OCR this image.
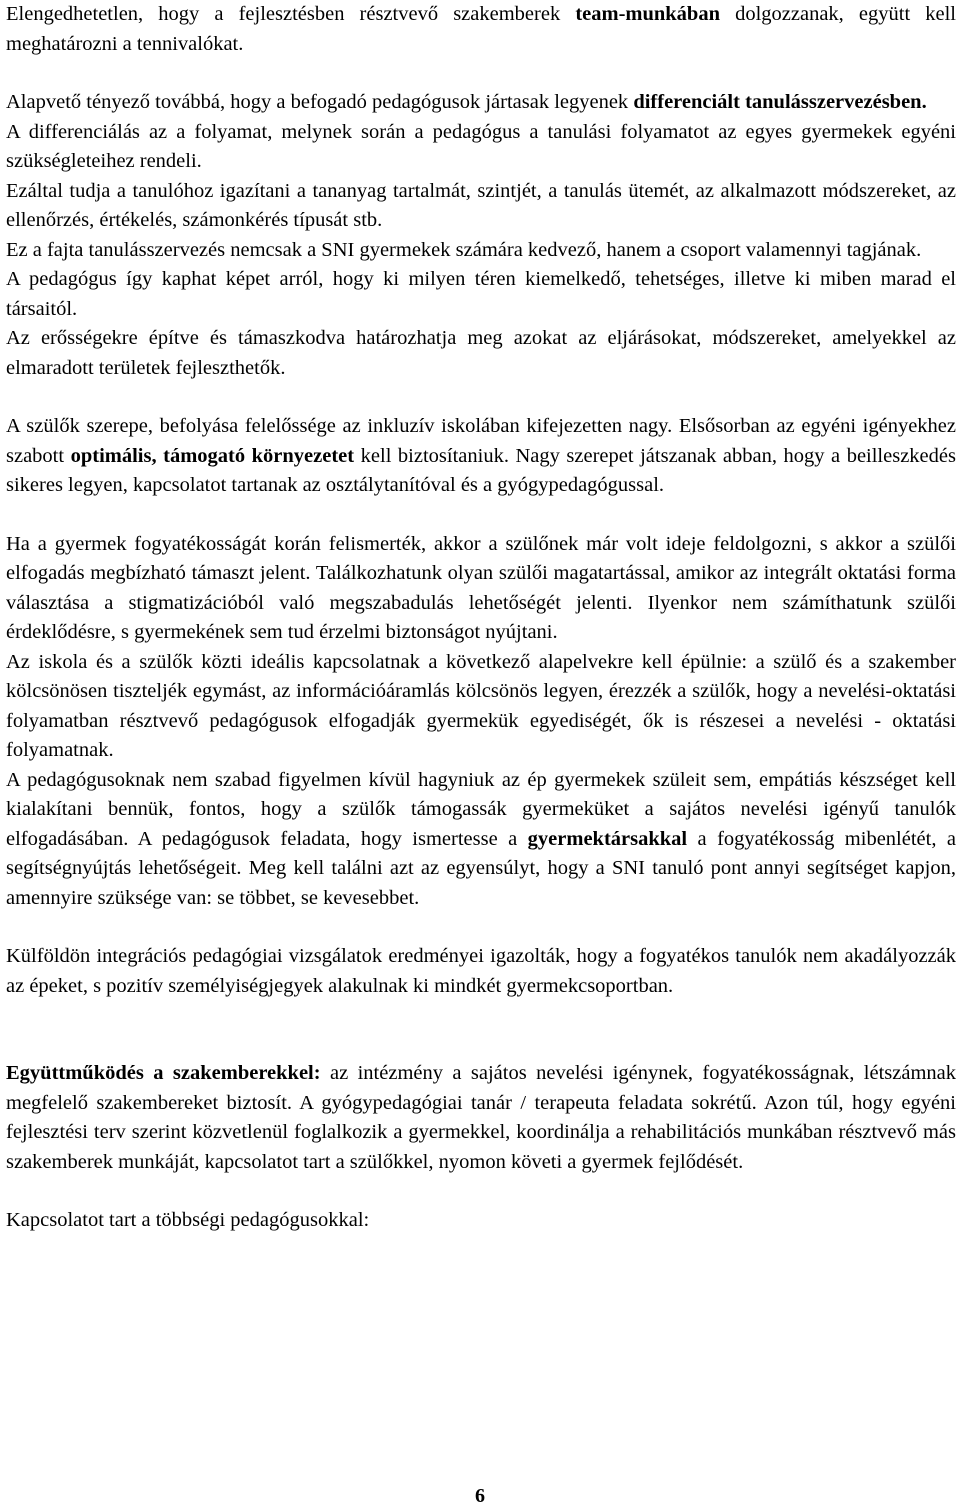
Elengedhetetlen, hogy a fejlesztésben résztvevő szakemberek team-munkában dolgozzanak, együtt kell meghatározni a tennivalókat.

Alapvető tényező továbbá, hogy a befogadó pedagógusok jártasak legyenek differenciált tanulásszervezésben.

A differenciálás az a folyamat, melynek során a pedagógus a tanulási folyamatot az egyes gyermekek egyéni szükségleteihez rendeli.

Ezáltal tudja a tanulóhoz igazítani a tananyag tartalmát, szintjét, a tanulás ütemét, az alkalmazott módszereket, az ellenőrzés, értékelés, számonkérés típusát stb.

Ez a fajta tanulásszervezés nemcsak a SNI gyermekek számára kedvező, hanem a csoport valamennyi tagjának.

A pedagógus így kaphat képet arról, hogy ki milyen téren kiemelkedő, tehetséges, illetve ki miben marad el társaitól.

Az erősségekre építve és támaszkodva határozhatja meg azokat az eljárásokat, módszereket, amelyekkel az elmaradott területek fejleszthetők.

A szülők szerepe, befolyása felelőssége az inkluzív iskolában kifejezetten nagy. Elsősorban az egyéni igényekhez szabott optimális, támogató környezetet kell biztosítaniuk. Nagy szerepet játszanak abban, hogy a beilleszkedés sikeres legyen, kapcsolatot tartanak az osztálytanítóval és a gyógypedagógussal.

Ha a gyermek fogyatékosságát korán felismerték, akkor a szülőnek már volt ideje feldolgozni, s akkor a szülői elfogadás megbízható támaszt jelent. Találkozhatunk olyan szülői magatartással, amikor az integrált oktatási forma választása a stigmatizációból való megszabadulás lehetőségét jelenti. Ilyenkor nem számíthatunk szülői érdeklődésre, s gyermekének sem tud érzelmi biztonságot nyújtani.

Az iskola és a szülők közti ideális kapcsolatnak a következő alapelvekre kell épülnie: a szülő és a szakember kölcsönösen tiszteljék egymást, az információáramlás kölcsönös legyen, érezzék a szülők, hogy a nevelési-oktatási folyamatban résztvevő pedagógusok elfogadják gyermekük egyediségét, ők is részesei a nevelési - oktatási folyamatnak.

A pedagógusoknak nem szabad figyelmen kívül hagyniuk az ép gyermekek szüleit sem, empátiás készséget kell kialakítani bennük, fontos, hogy a szülők támogassák gyermeküket a sajátos nevelési igényű tanulók elfogadásában. A pedagógusok feladata, hogy ismertesse a gyermektársakkal a fogyatékosság mibenlétét, a segítségnyújtás lehetőségeit. Meg kell találni azt az egyensúlyt, hogy a SNI tanuló pont annyi segítséget kapjon, amennyire szüksége van: se többet, se kevesebbet.

Külföldön integrációs pedagógiai vizsgálatok eredményei igazolták, hogy a fogyatékos tanulók nem akadályozzák az épeket, s pozitív személyiségjegyek alakulnak ki mindkét gyermekcsoportban.

Együttműködés a szakemberekkel: az intézmény a sajátos nevelési igénynek, fogyatékosságnak, létszámnak megfelelő szakembereket biztosít. A gyógypedagógiai tanár / terapeuta feladata sokrétű. Azon túl, hogy egyéni fejlesztési terv szerint közvetlenül foglalkozik a gyermekkel, koordinálja a rehabilitációs munkában résztvevő más szakemberek munkáját, kapcsolatot tart a szülőkkel, nyomon követi a gyermek fejlődését.

Kapcsolatot tart a többségi pedagógusokkal:

6
